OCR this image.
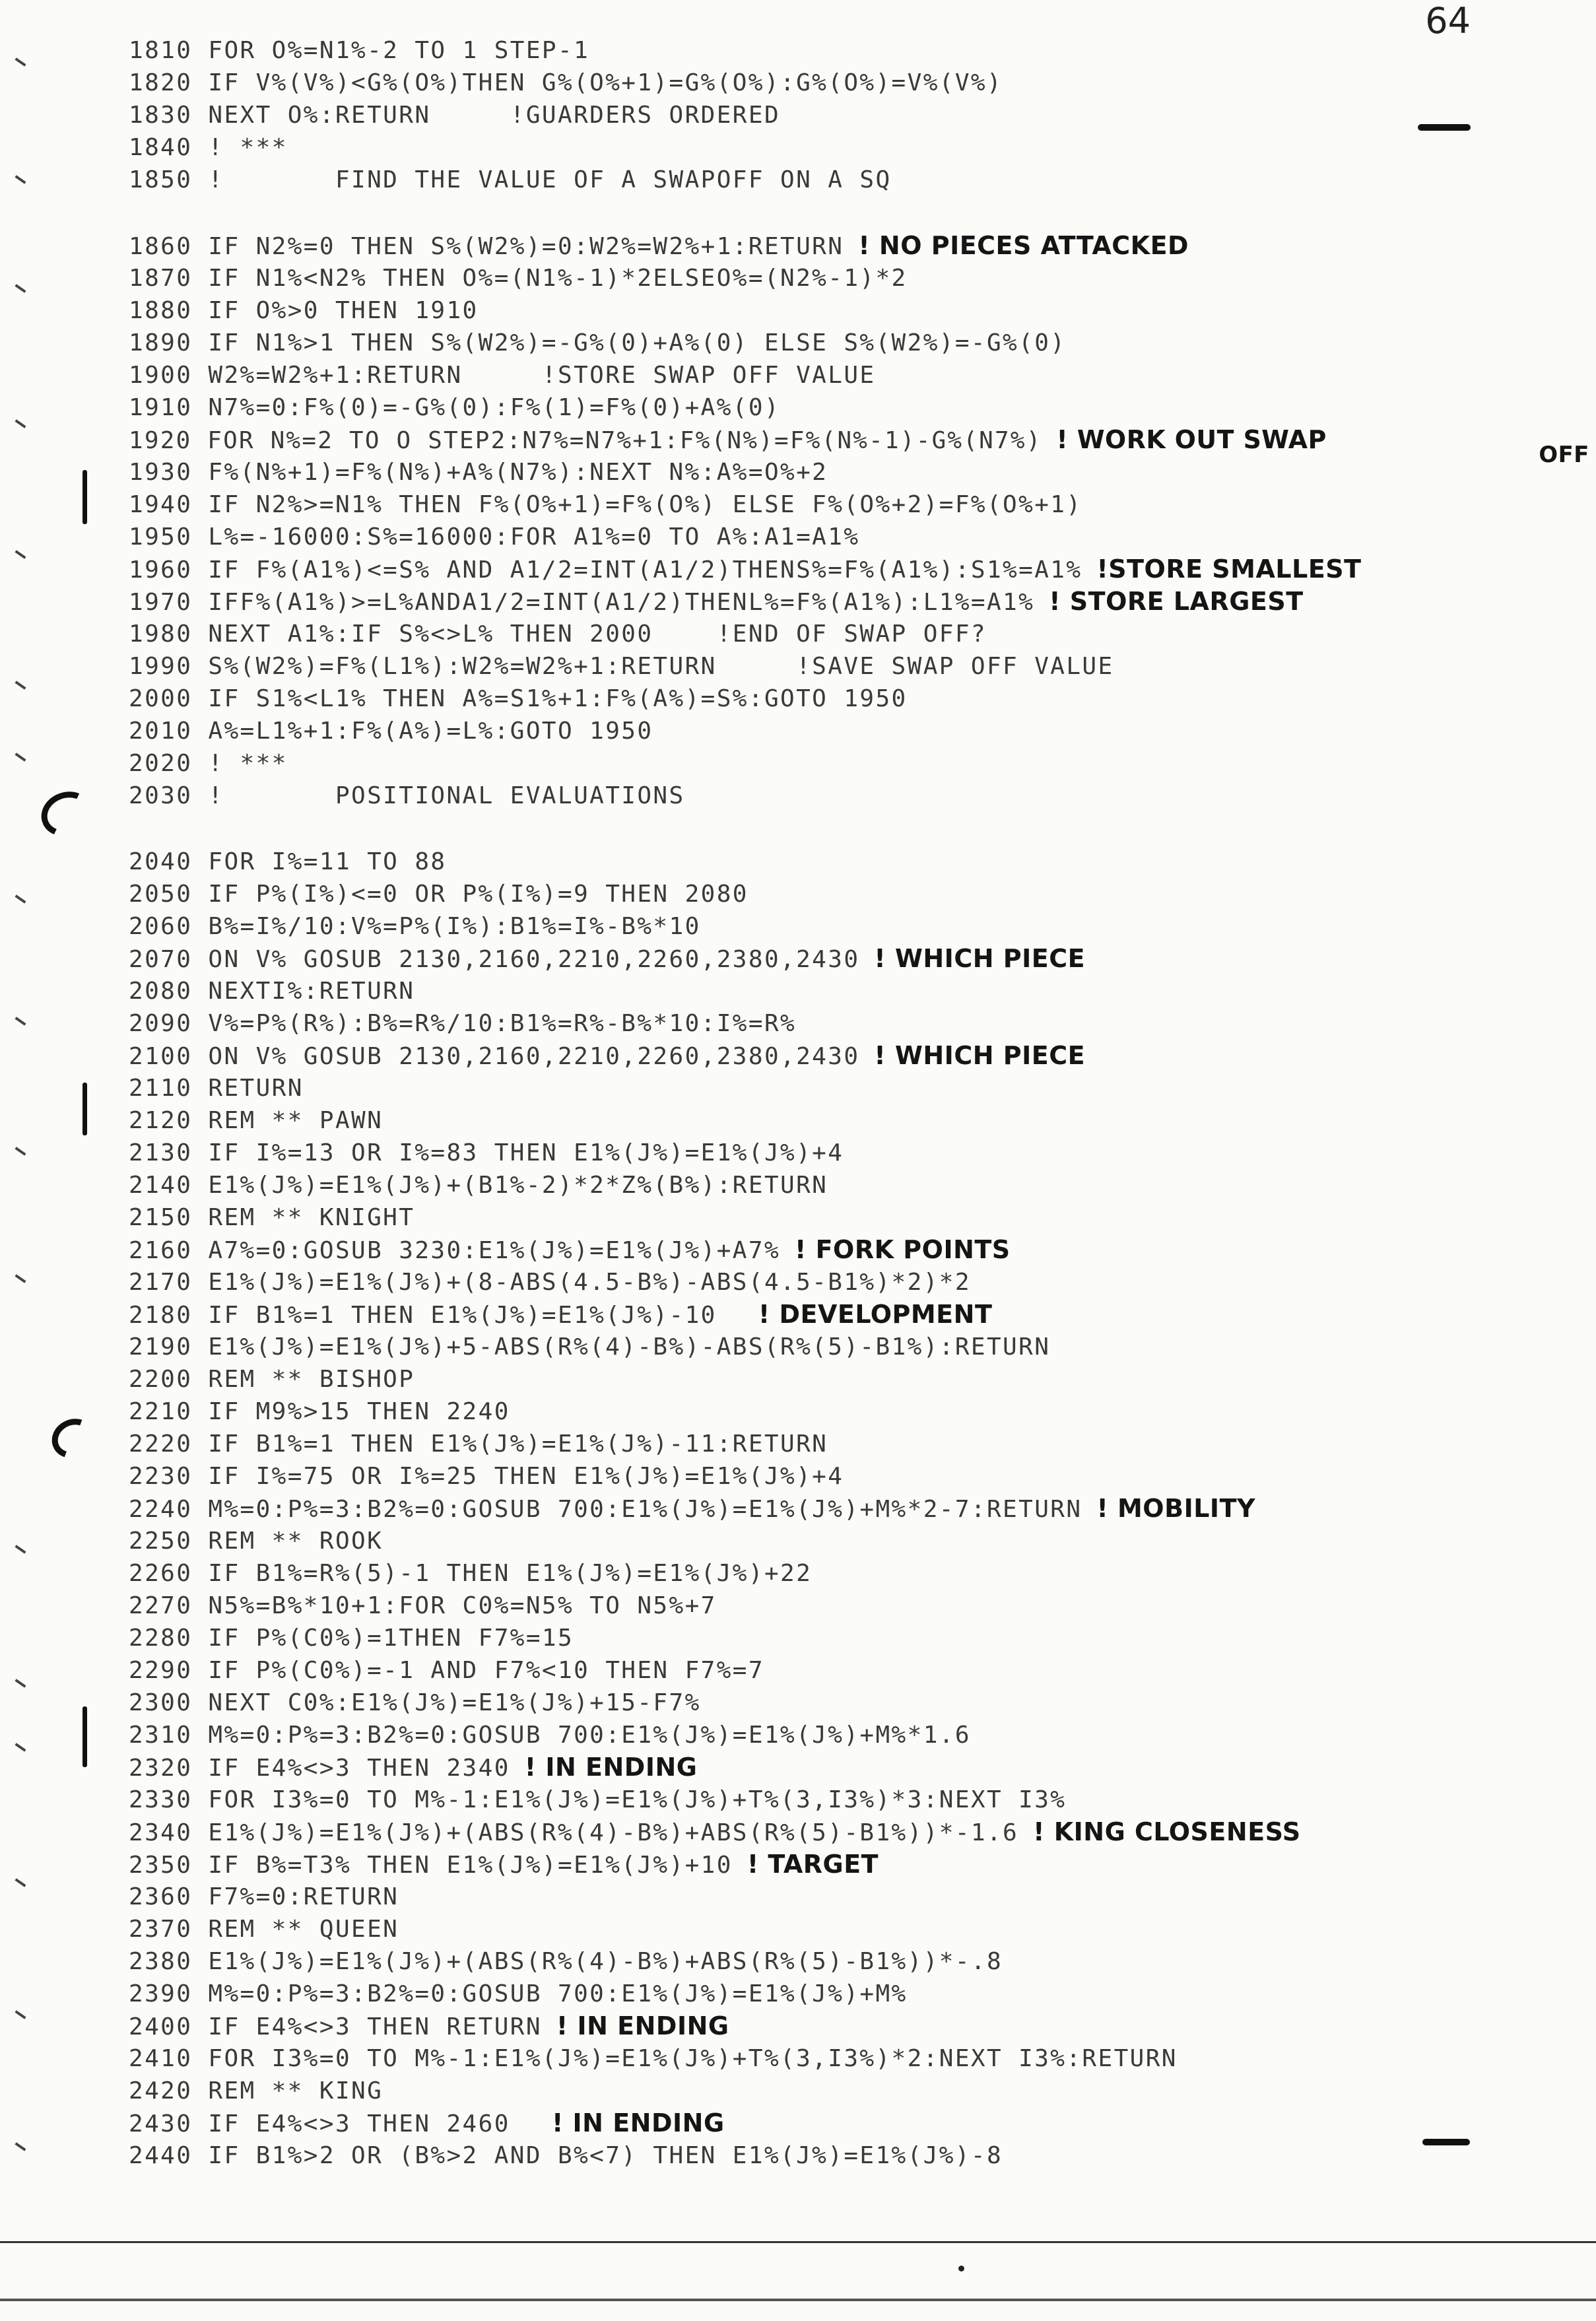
64
1810 FOR O%=N1%-2 TO 1 STEP-1
1820 IF V%(V%)<G%(O%)THEN G%(O%+1)=G%(O%):G%(O%)=V%(V%)
1830 NEXT O%:RETURN     !GUARDERS ORDERED
1840 ! ***
1850 !       FIND THE VALUE OF A SWAPOFF ON A SQ
1860 IF N2%=0 THEN S%(W2%)=0:W2%=W2%+1:RETURN ! NO PIECES ATTACKED
1870 IF N1%<N2% THEN O%=(N1%-1)*2ELSEO%=(N2%-1)*2
1880 IF O%>0 THEN 1910
1890 IF N1%>1 THEN S%(W2%)=-G%(0)+A%(0) ELSE S%(W2%)=-G%(0)
1900 W2%=W2%+1:RETURN     !STORE SWAP OFF VALUE
1910 N7%=0:F%(0)=-G%(0):F%(1)=F%(0)+A%(0)
1920 FOR N%=2 TO O STEP2:N7%=N7%+1:F%(N%)=F%(N%-1)-G%(N7%) ! WORK OUT SWAP
OFF
1930 F%(N%+1)=F%(N%)+A%(N7%):NEXT N%:A%=O%+2
1940 IF N2%>=N1% THEN F%(O%+1)=F%(O%) ELSE F%(O%+2)=F%(O%+1)
1950 L%=-16000:S%=16000:FOR A1%=0 TO A%:A1=A1%
1960 IF F%(A1%)<=S% AND A1/2=INT(A1/2)THENS%=F%(A1%):S1%=A1% !STORE SMALLEST
1970 IFF%(A1%)>=L%ANDA1/2=INT(A1/2)THENL%=F%(A1%):L1%=A1% ! STORE LARGEST
1980 NEXT A1%:IF S%<>L% THEN 2000    !END OF SWAP OFF?
1990 S%(W2%)=F%(L1%):W2%=W2%+1:RETURN     !SAVE SWAP OFF VALUE
2000 IF S1%<L1% THEN A%=S1%+1:F%(A%)=S%:GOTO 1950
2010 A%=L1%+1:F%(A%)=L%:GOTO 1950
2020 ! ***
2030 !       POSITIONAL EVALUATIONS
2040 FOR I%=11 TO 88
2050 IF P%(I%)<=0 OR P%(I%)=9 THEN 2080
2060 B%=I%/10:V%=P%(I%):B1%=I%-B%*10
2070 ON V% GOSUB 2130,2160,2210,2260,2380,2430 ! WHICH PIECE
2080 NEXTI%:RETURN
2090 V%=P%(R%):B%=R%/10:B1%=R%-B%*10:I%=R%
2100 ON V% GOSUB 2130,2160,2210,2260,2380,2430 ! WHICH PIECE
2110 RETURN
2120 REM ** PAWN
2130 IF I%=13 OR I%=83 THEN E1%(J%)=E1%(J%)+4
2140 E1%(J%)=E1%(J%)+(B1%-2)*2*Z%(B%):RETURN
2150 REM ** KNIGHT
2160 A7%=0:GOSUB 3230:E1%(J%)=E1%(J%)+A7% ! FORK POINTS
2170 E1%(J%)=E1%(J%)+(8-ABS(4.5-B%)-ABS(4.5-B1%)*2)*2
2180 IF B1%=1 THEN E1%(J%)=E1%(J%)-10   ! DEVELOPMENT
2190 E1%(J%)=E1%(J%)+5-ABS(R%(4)-B%)-ABS(R%(5)-B1%):RETURN
2200 REM ** BISHOP
2210 IF M9%>15 THEN 2240
2220 IF B1%=1 THEN E1%(J%)=E1%(J%)-11:RETURN
2230 IF I%=75 OR I%=25 THEN E1%(J%)=E1%(J%)+4
2240 M%=0:P%=3:B2%=0:GOSUB 700:E1%(J%)=E1%(J%)+M%*2-7:RETURN ! MOBILITY
2250 REM ** ROOK
2260 IF B1%=R%(5)-1 THEN E1%(J%)=E1%(J%)+22
2270 N5%=B%*10+1:FOR C0%=N5% TO N5%+7
2280 IF P%(C0%)=1THEN F7%=15
2290 IF P%(C0%)=-1 AND F7%<10 THEN F7%=7
2300 NEXT C0%:E1%(J%)=E1%(J%)+15-F7%
2310 M%=0:P%=3:B2%=0:GOSUB 700:E1%(J%)=E1%(J%)+M%*1.6
2320 IF E4%<>3 THEN 2340 ! IN ENDING
2330 FOR I3%=0 TO M%-1:E1%(J%)=E1%(J%)+T%(3,I3%)*3:NEXT I3%
2340 E1%(J%)=E1%(J%)+(ABS(R%(4)-B%)+ABS(R%(5)-B1%))*-1.6 ! KING CLOSENESS
2350 IF B%=T3% THEN E1%(J%)=E1%(J%)+10 ! TARGET
2360 F7%=0:RETURN
2370 REM ** QUEEN
2380 E1%(J%)=E1%(J%)+(ABS(R%(4)-B%)+ABS(R%(5)-B1%))*-.8
2390 M%=0:P%=3:B2%=0:GOSUB 700:E1%(J%)=E1%(J%)+M%
2400 IF E4%<>3 THEN RETURN ! IN ENDING
2410 FOR I3%=0 TO M%-1:E1%(J%)=E1%(J%)+T%(3,I3%)*2:NEXT I3%:RETURN
2420 REM ** KING
2430 IF E4%<>3 THEN 2460   ! IN ENDING
2440 IF B1%>2 OR (B%>2 AND B%<7) THEN E1%(J%)=E1%(J%)-8
